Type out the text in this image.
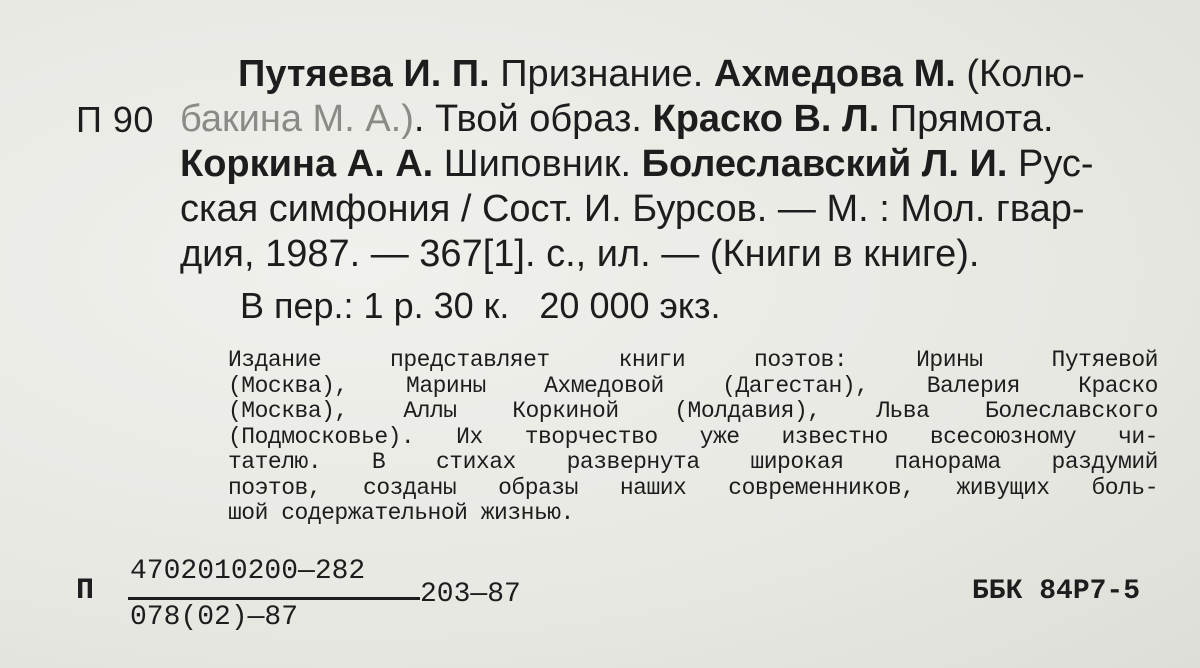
П 90
Путяева И. П. Признание. Ахмедова М. (Колю-
бакина М. А.). Твой образ. Краско В. Л. Прямота.
Коркина А. А. Шиповник. Болеславский Л. И. Рус-
ская симфония / Сост. И. Бурсов. — М. : Мол. гвар-
дия, 1987. — 367[1]. с., ил. — (Книги в книге).
В пер.: 1 р. 30 к.   20 000 экз.
Издание	представляет	книги	поэтов:	Ирины	Путяевой
(Москва),	Марины	Ахмедовой	(Дагестан),	Валерия	Краско
(Москва), Аллы Коркиной (Молдавия), Льва Болеславского
(Подмосковье). Их творчество уже известно всесоюзному чи-
тателю. В стихах развернута широкая панорама раздумий
поэтов, созданы образы наших современников, живущих боль-
шой содержательной жизнью.
П
4702010200—282
078(02)—87
203—87	ББК 84Р7-5
